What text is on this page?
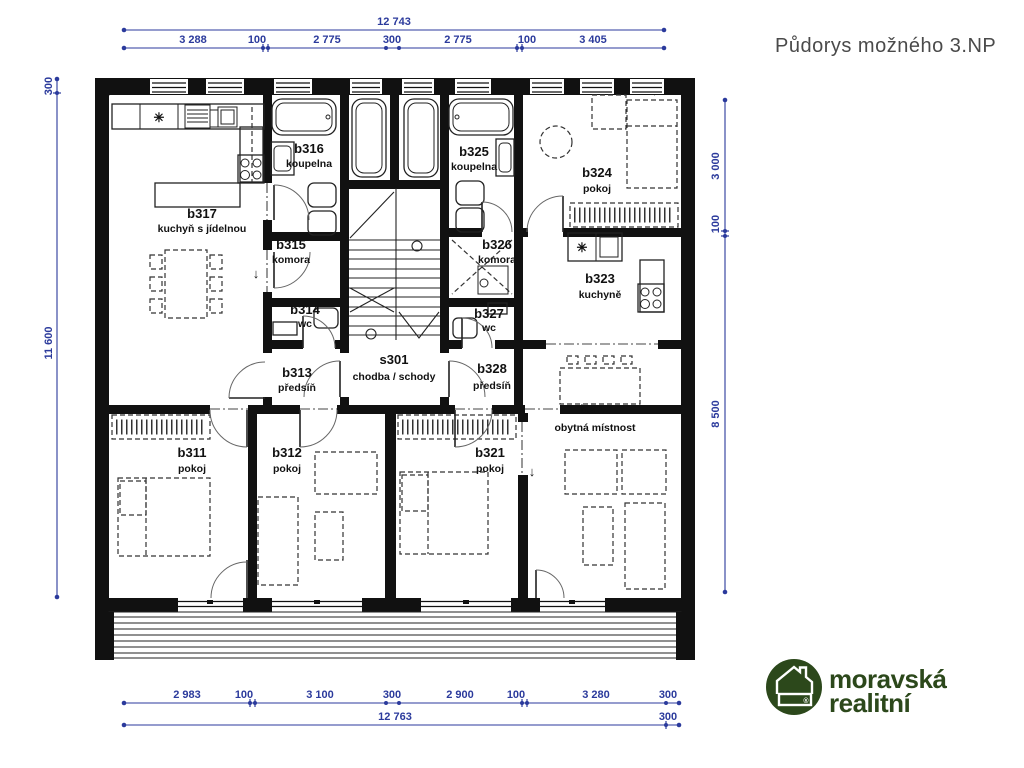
✳
✳
↓
↓
b317
kuchyň s jídelnou
b316
koupelna
b315
komora
b314
wc
b325
koupelna
b326
komora
b327
wc
s301
chodba / schody
b313
předsíň
b328
předsíň
b324
pokoj
b323
kuchyně
b322
obytná místnost
b311
pokoj
b312
pokoj
b321
pokoj
12 743
3 288	100	2 775	300	2 775	100	3 405
2 983	100	3 100	300	2 900	100	3 280	300
12 763	300
300
11 600
3 000
100
8 500
Půdorys možného 3.NP
®
moravská
realitní
